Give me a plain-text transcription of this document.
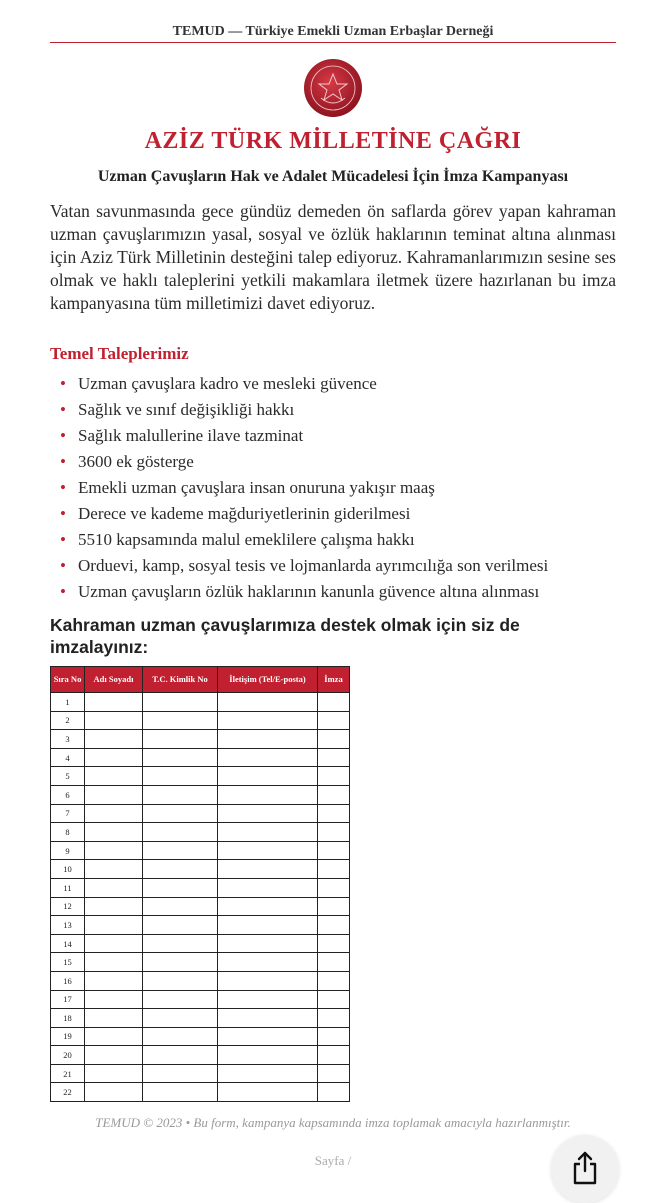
TEMUD — Türkiye Emekli Uzman Erbaşlar Derneği
AZİZ TÜRK MİLLETİNE ÇAĞRI
Uzman Çavuşların Hak ve Adalet Mücadelesi İçin İmza Kampanyası
Vatan savunmasında gece gündüz demeden ön saflarda görev yapan kahraman uzman çavuşlarımızın yasal, sosyal ve özlük haklarının teminat altına alınması için Aziz Türk Milletinin desteğini talep ediyoruz. Kahramanlarımızın sesine ses olmak ve haklı taleplerini yetkili makamlara iletmek üzere hazırlanan bu imza kampanyasına tüm milletimizi davet ediyoruz.
Temel Taleplerimiz
• Uzman çavuşlara kadro ve mesleki güvence
• Sağlık ve sınıf değişikliği hakkı
• Sağlık malullerine ilave tazminat
• 3600 ek gösterge
• Emekli uzman çavuşlara insan onuruna yakışır maaş
• Derece ve kademe mağduriyetlerinin giderilmesi
• 5510 kapsamında malul emeklilere çalışma hakkı
• Orduevi, kamp, sosyal tesis ve lojmanlarda ayrımcılığa son verilmesi
• Uzman çavuşların özlük haklarının kanunla güvence altına alınması
Kahraman uzman çavuşlarımıza destek olmak için siz de imzalayınız:
Sıra No	Adı Soyadı	T.C. Kimlik No	İletişim (Tel/E-posta)	İmza
1				
2				
3				
4				
5				
6				
7				
8				
9				
10				
11				
12				
13				
14				
15				
16				
17				
18				
19				
20				
21				
22				
TEMUD © 2023 • Bu form, kampanya kapsamında imza toplamak amacıyla hazırlanmıştır.
Sayfa /
